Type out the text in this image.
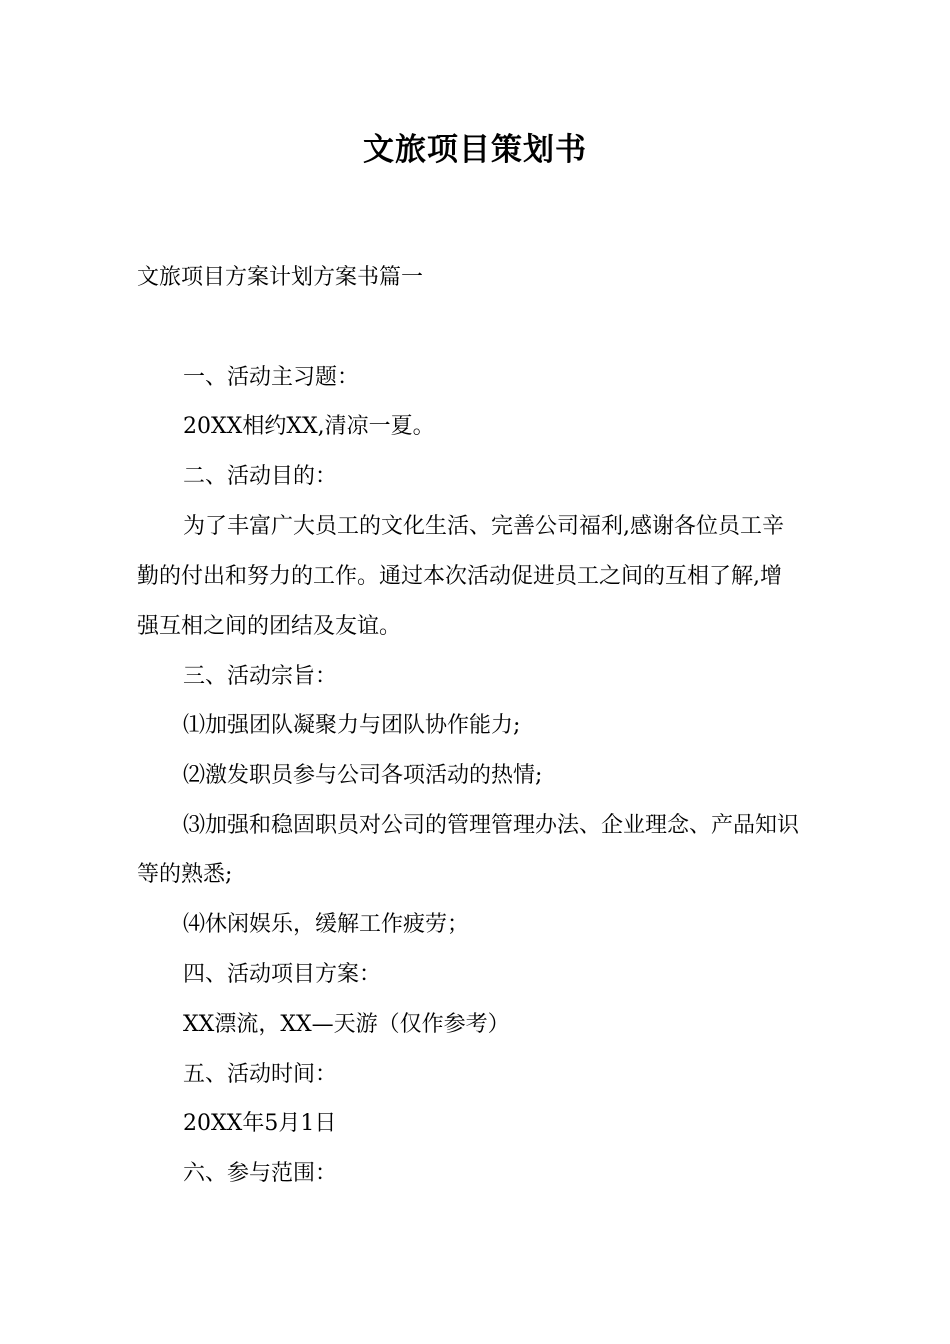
文旅项目策划书
文旅项目方案计划方案书篇一
一、活动主习题：
20XX相约XX,清凉一夏。
二、活动目的：
为了丰富广大员工的文化生活、完善公司福利,感谢各位员工辛
勤的付出和努力的工作。通过本次活动促进员工之间的互相了解,增
强互相之间的团结及友谊。
三、活动宗旨：
⑴加强团队凝聚力与团队协作能力;
⑵激发职员参与公司各项活动的热情;
⑶加强和稳固职员对公司的管理管理办法、企业理念、产品知识
等的熟悉;
⑷休闲娱乐，缓解工作疲劳；
四、活动项目方案：
XX漂流，XX—天游（仅作参考）
五、活动时间：
20XX年5月1日
六、参与范围：
